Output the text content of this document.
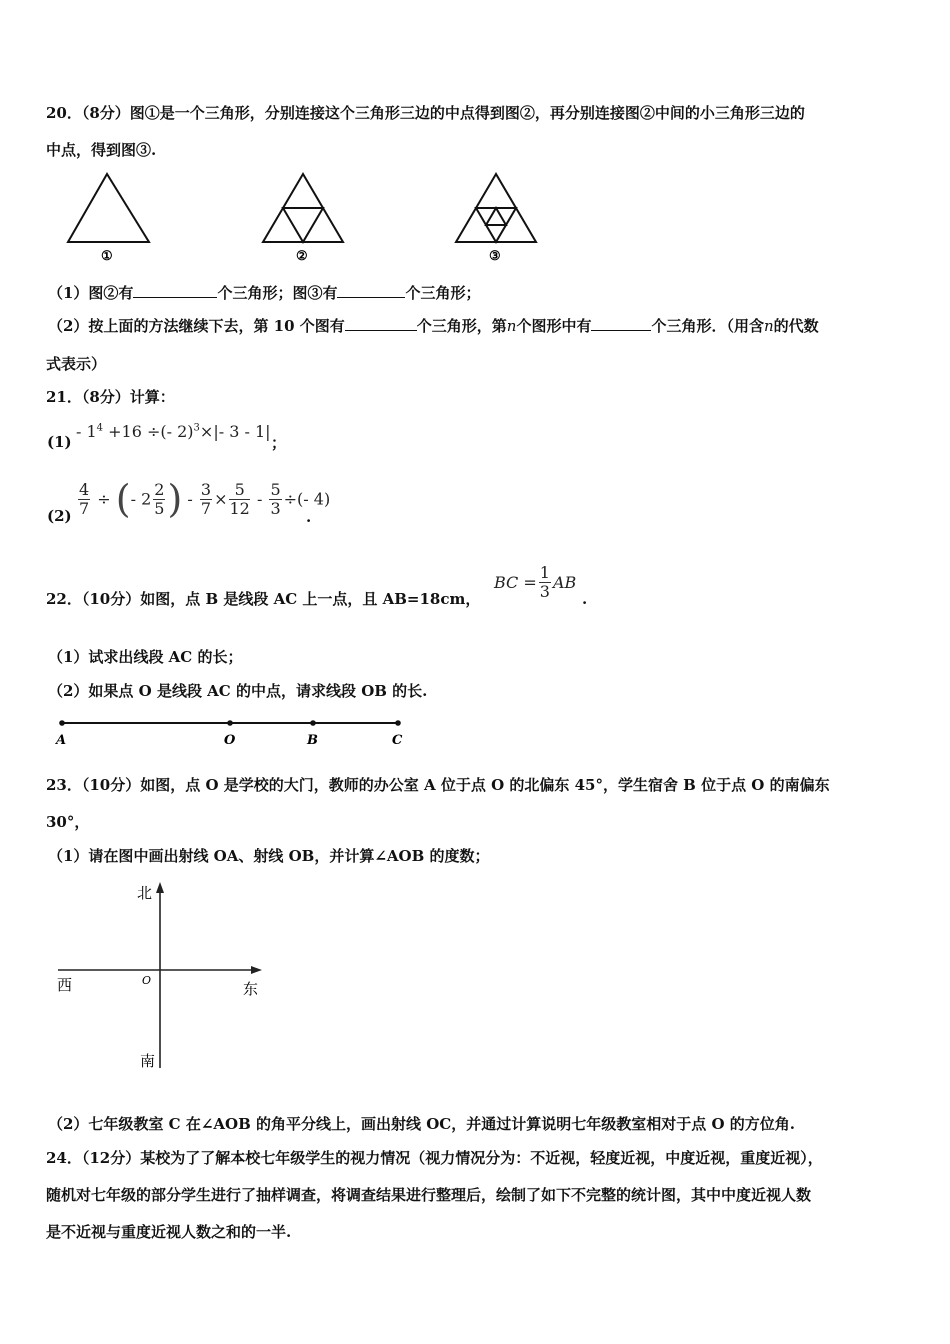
20．（8分）图①是一个三角形，分别连接这个三角形三边的中点得到图②，再分别连接图②中间的小三角形三边的
中点，得到图③.
①	②	③
（1）图②有	个三角形；图③有	个三角形；
（2）按上面的方法继续下去，第 10 个图有	个三角形，第n个图形中有	个三角形．（用含n的代数
式表示）
21．（8分）计算：
(1)
- $1^4 +16$ ÷(- 2)$^3$×|- 3 - 1|
；
$(2) \frac{4}{7}$ ÷ (- $2 \frac{2}{5}$ ) - $\frac{3}{7} \times \frac{5}{12} - \frac{5}{3}$ ÷(- 4)
.
22．（10分）如图，点 B 是线段 AC 上一点，且 AB=18cm，
BC = $\frac{1}{3}$ AB
.
（1）试求出线段 AC 的长；
（2）如果点 O 是线段 AC 的中点，请求线段 OB 的长.
A	O	B	C
23．（10分）如图，点 O 是学校的大门，教师的办公室 A 位于点 O 的北偏东 45°，学生宿舍 B 位于点 O 的南偏东
30°，
（1）请在图中画出射线 OA、射线 OB，并计算∠AOB 的度数；
北
南
西	东
O
（2）七年级教室 C 在∠AOB 的角平分线上，画出射线 OC，并通过计算说明七年级教室相对于点 O 的方位角.
24．（12分）某校为了了解本校七年级学生的视力情况（视力情况分为：不近视，轻度近视，中度近视，重度近视），
随机对七年级的部分学生进行了抽样调查，将调查结果进行整理后，绘制了如下不完整的统计图，其中中度近视人数
是不近视与重度近视人数之和的一半.
